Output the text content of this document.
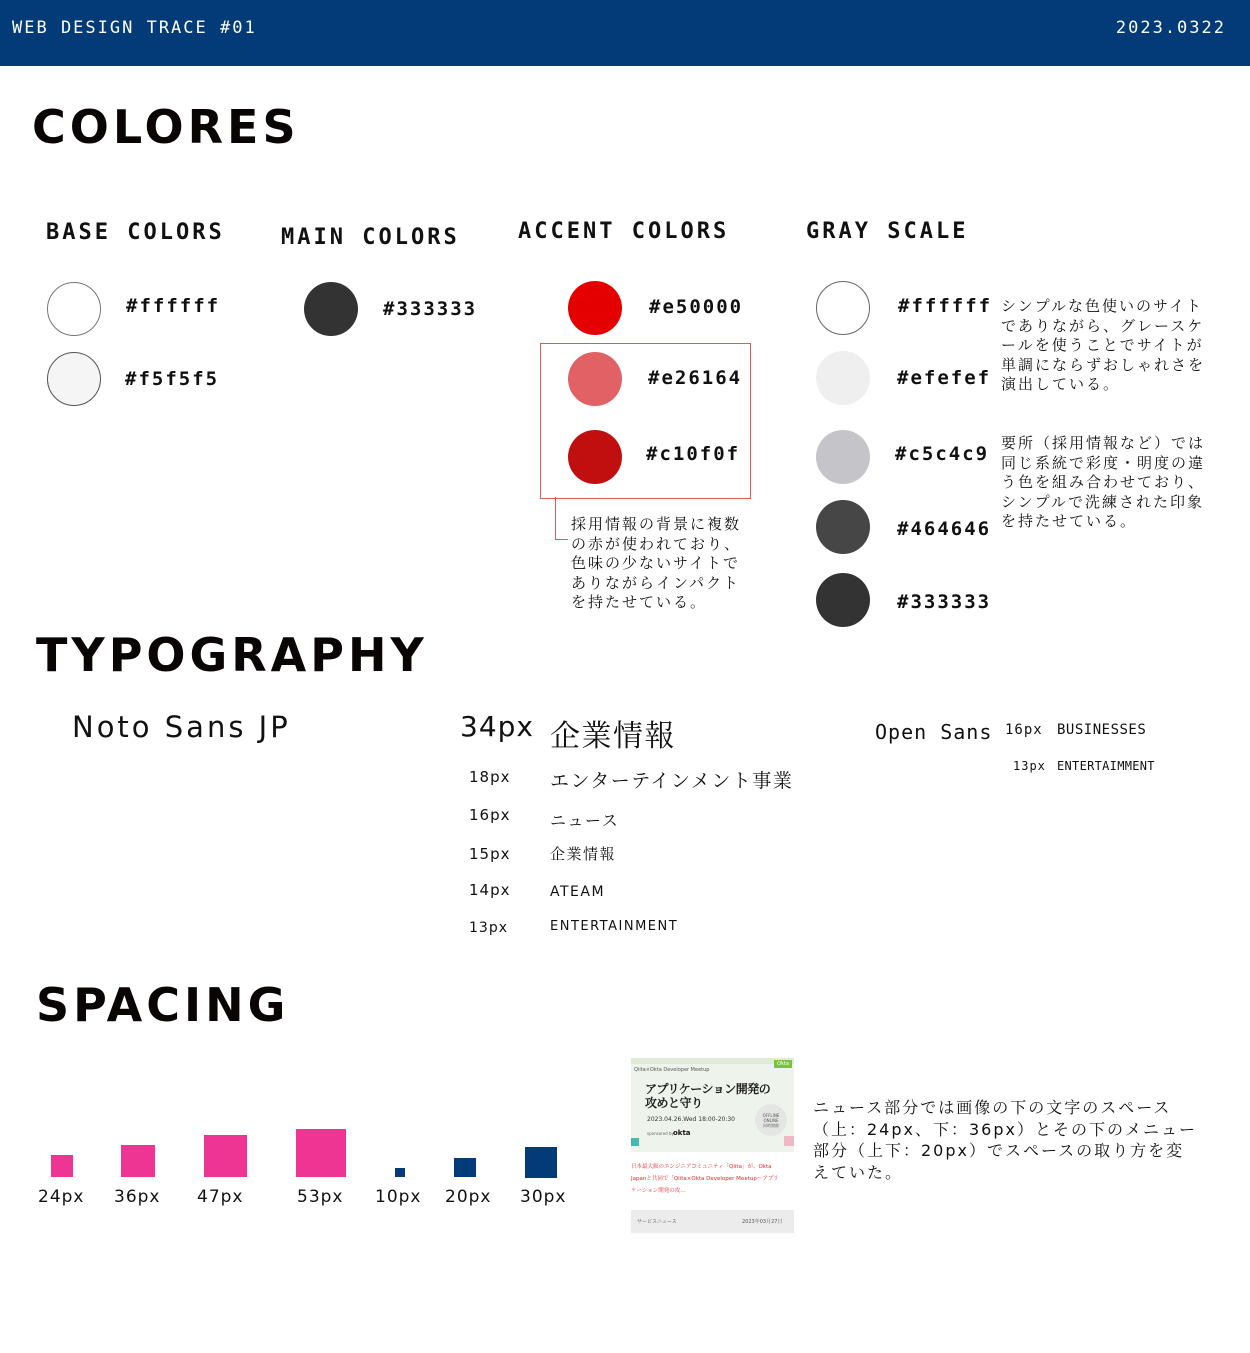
WEB DESIGN TRACE #01	2023.0322
COLORES
BASE COLORS	MAIN COLORS	ACCENT COLORS	GRAY SCALE
#ffffff
#f5f5f5
#333333	#e50000
#e26164
#c10f0f
採用情報の背景に複数
の赤が使われており、
色味の少ないサイトで
ありながらインパクト
を持たせている。
#ffffff
#efefef
#c5c4c9
#464646
#333333
シンプルな色使いのサイト
でありながら、グレースケ
ールを使うことでサイトが
単調にならずおしゃれさを
演出している。
要所（採用情報など）では
同じ系統で彩度・明度の違
う色を組み合わせており、
シンプルで洗練された印象
を持たせている。
TYPOGRAPHY
Noto Sans JP	34px 企業情報
18px エンターテインメント事業
16px ニュース
15px	企業情報
14px	ATEAM
13px	ENTERTAINMENT
Open Sans 16px BUSINESSES
13px ENTERTAIMMENT
SPACING
24px 36px 47px	53px 10px 20px 30px
Qiita×Okta Developer Meetup
Okta
アプリケーション開発の
攻めと守り
2023.04.26.Wed 18:00-20:30
sponsored by okta
OFFLINE
ONLINE
同時開催
日本最大級のエンジニアコミュニティ「Qiita」が、Okta
Japanと共同で「Qiita×Okta Developer Meetup～アプリ
ケーション開発の攻…
サービスニュース	2023年03月27日
ニュース部分では画像の下の文字のスペース
（上：24px、下：36px）とその下のメニュー
部分（上下：20px）でスペースの取り方を変
えていた。
